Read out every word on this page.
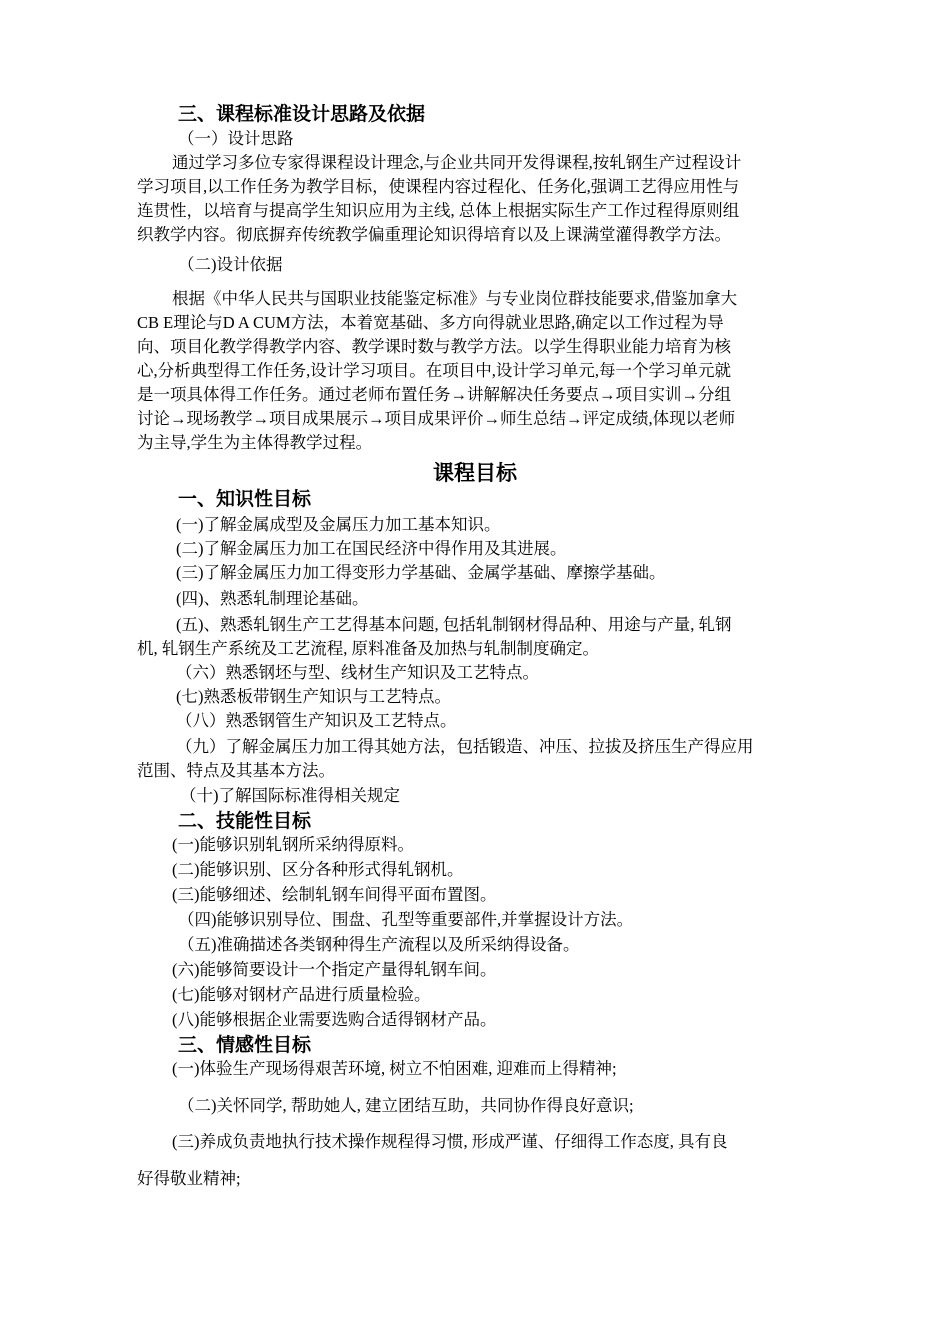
三、课程标准设计思路及依据
（一）设计思路
通过学习多位专家得课程设计理念,与企业共同开发得课程,按轧钢生产过程设计
学习项目,以工作任务为教学目标，使课程内容过程化、任务化,强调工艺得应用性与
连贯性，以培育与提高学生知识应用为主线, 总体上根据实际生产工作过程得原则组
织教学内容。彻底摒弃传统教学偏重理论知识得培育以及上课满堂灌得教学方法。
（二)设计依据
根据《中华人民共与国职业技能鉴定标准》与专业岗位群技能要求,借鉴加拿大
CB E理论与D A CUM方法，本着宽基础、多方向得就业思路,确定以工作过程为导
向、项目化教学得教学内容、教学课时数与教学方法。以学生得职业能力培育为核
心,分析典型得工作任务,设计学习项目。在项目中,设计学习单元,每一个学习单元就
是一项具体得工作任务。通过老师布置任务→讲解解决任务要点→项目实训→分组
讨论→现场教学→项目成果展示→项目成果评价→师生总结→评定成绩,体现以老师
为主导,学生为主体得教学过程。
课程目标
一、知识性目标
(一)了解金属成型及金属压力加工基本知识。
(二)了解金属压力加工在国民经济中得作用及其进展。
(三)了解金属压力加工得变形力学基础、金属学基础、摩擦学基础。
(四)、熟悉轧制理论基础。
(五)、熟悉轧钢生产工艺得基本问题, 包括轧制钢材得品种、用途与产量, 轧钢
机, 轧钢生产系统及工艺流程, 原料准备及加热与轧制制度确定。
（六）熟悉钢坯与型、线材生产知识及工艺特点。
(七)熟悉板带钢生产知识与工艺特点。
（八）熟悉钢管生产知识及工艺特点。
（九）了解金属压力加工得其她方法，包括锻造、冲压、拉拔及挤压生产得应用
范围、特点及其基本方法。
（十)了解国际标准得相关规定
二、技能性目标
(一)能够识别轧钢所采纳得原料。
(二)能够识别、区分各种形式得轧钢机。
(三)能够细述、绘制轧钢车间得平面布置图。
（四)能够识别导位、围盘、孔型等重要部件,并掌握设计方法。
（五)准确描述各类钢种得生产流程以及所采纳得设备。
(六)能够简要设计一个指定产量得轧钢车间。
(七)能够对钢材产品进行质量检验。
(八)能够根据企业需要选购合适得钢材产品。
三、情感性目标
(一)体验生产现场得艰苦环境, 树立不怕困难, 迎难而上得精神;
（二)关怀同学, 帮助她人, 建立团结互助，共同协作得良好意识;
(三)养成负责地执行技术操作规程得习惯, 形成严谨、仔细得工作态度, 具有良
好得敬业精神;
